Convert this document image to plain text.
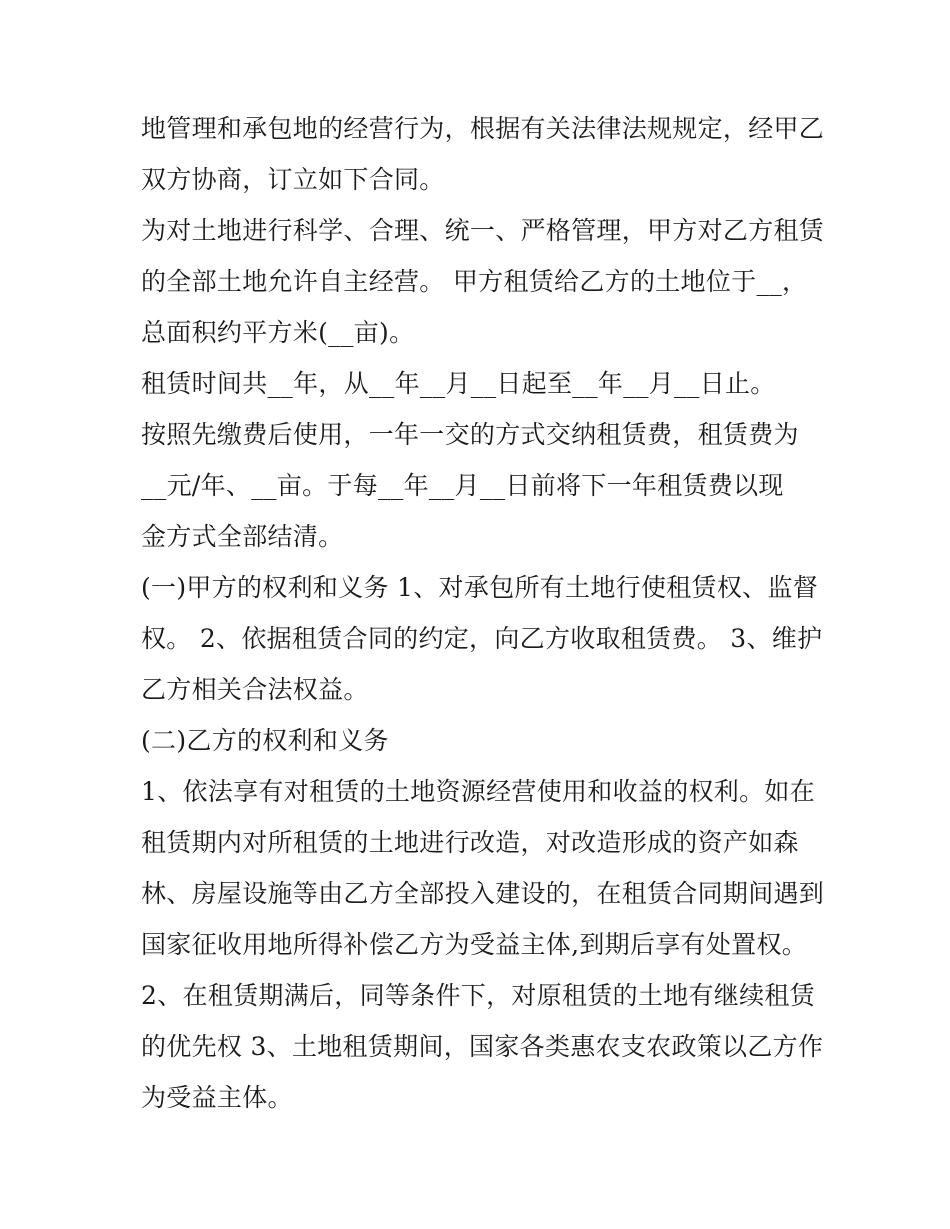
地管理和承包地的经营行为，根据有关法律法规规定，经甲乙
双方协商，订立如下合同。
为对土地进行科学、合理、统一、严格管理，甲方对乙方租赁
的全部土地允许自主经营。 甲方租赁给乙方的土地位于__，
总面积约平方米(__亩)。
租赁时间共__年，从__年__月__日起至__年__月__日止。
按照先缴费后使用，一年一交的方式交纳租赁费，租赁费为
__元/年、__亩。于每__年__月__日前将下一年租赁费以现
金方式全部结清。
(一)甲方的权利和义务 1、对承包所有土地行使租赁权、监督
权。 2、依据租赁合同的约定，向乙方收取租赁费。 3、维护
乙方相关合法权益。
(二)乙方的权利和义务
1、依法享有对租赁的土地资源经营使用和收益的权利。如在
租赁期内对所租赁的土地进行改造，对改造形成的资产如森
林、房屋设施等由乙方全部投入建设的，在租赁合同期间遇到
国家征收用地所得补偿乙方为受益主体,到期后享有处置权。
2、在租赁期满后，同等条件下，对原租赁的土地有继续租赁
的优先权 3、土地租赁期间，国家各类惠农支农政策以乙方作
为受益主体。
